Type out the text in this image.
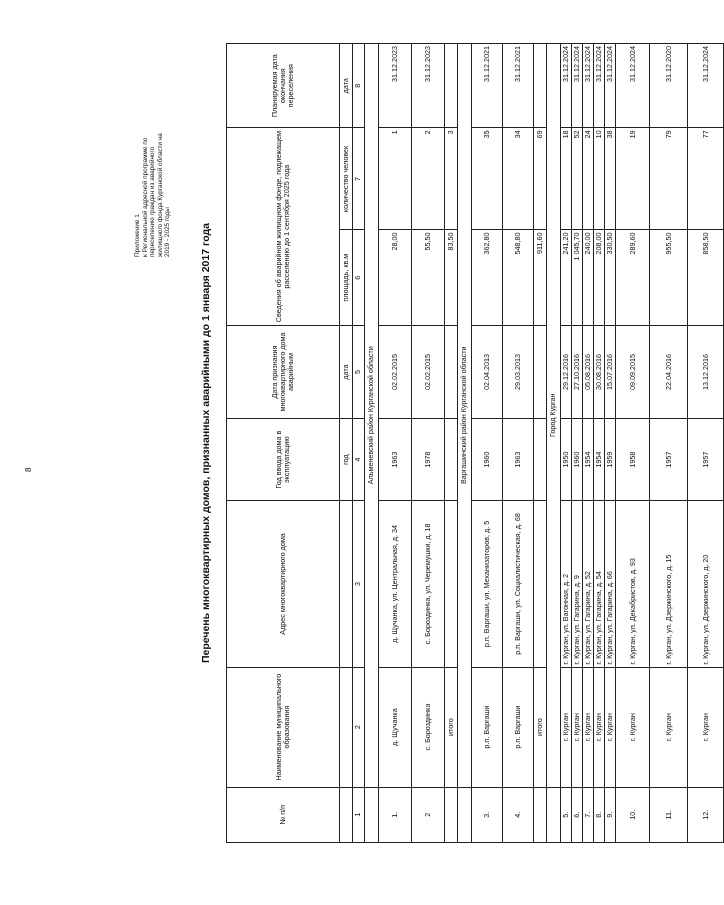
8
Приложение 1 к Региональной адресной программе по переселению граждан из аварийного жилищного фонда Курганской области на 2019 - 2025 годы	Перечень многоквартирных домов, признанных аварийными до 1 января 2017 года
№ п/п	Наименование муниципального образования	Адрес многоквартирного дома	Год ввода дома в эксплуатацию	Дата признания многоквартирного дома аварийным	Сведения об аварийном жилищном фонде, подлежащем расселению до 1 сентября 2025 года		Планируемая дата окончания переселения
			год	дата	площадь, кв.м	количество человек	дата
1	2	3	4	5	6	7	8
	Альменевский район Курганской области						
1.	д. Щучанка	д. Щучанка, ул. Центральная, д. 34	1963	02.02.2015	28,00	1	31.12.2023
2	с. Бороздинка	с. Бороздинка, ул. Черемушки, д. 18	1978	02.02.2015	55,50	2	31.12.2023
	итого				83,50	3	
	Варгашинский район Курганской области						
3.	р.п. Варгаши	р.п. Варгаши, ул. Механизаторов, д. 5	1960	02.04.2013	362,80	35	31.12.2021
4.	р.п. Варгаши	р.п. Варгаши, ул. Социалистическая, д. 68	1963	29.03.2013	548,80	34	31.12.2021
	итого				911,60	69	
	Город Курган						
5.	г. Курган	г. Курган, ул. Вагонная, д. 2	1950	29.12.2016	241,20	18	31.12.2024
6.	г. Курган	г. Курган, ул. Гагарина, д. 9	1960	27.10.2016	1 045,70	52	31.12.2024
7.	г. Курган	г. Курган, ул. Гагарина, д. 52	1954	05.08.2016	240,00	24	31.12.2024
8.	г. Курган	г. Курган, ул. Гагарина, д. 54	1954	30.08.2016	208,00	10	31.12.2024
9.	г. Курган	г. Курган, ул. Гагарина, д. 66	1959	15.07.2016	330,50	38	31.12.2024
10.	г. Курган	г. Курган, ул. Декабристов, д. 93	1958	09.09.2015	289,60	19	31.12.2024
11.	г. Курган	г. Курган, ул. Дзержинского, д. 15	1957	22.04.2016	955,50	79	31.12.2020
12.	г. Курган	г. Курган, ул. Дзержинского, д. 20	1957	13.12.2016	858,50	77	31.12.2024
